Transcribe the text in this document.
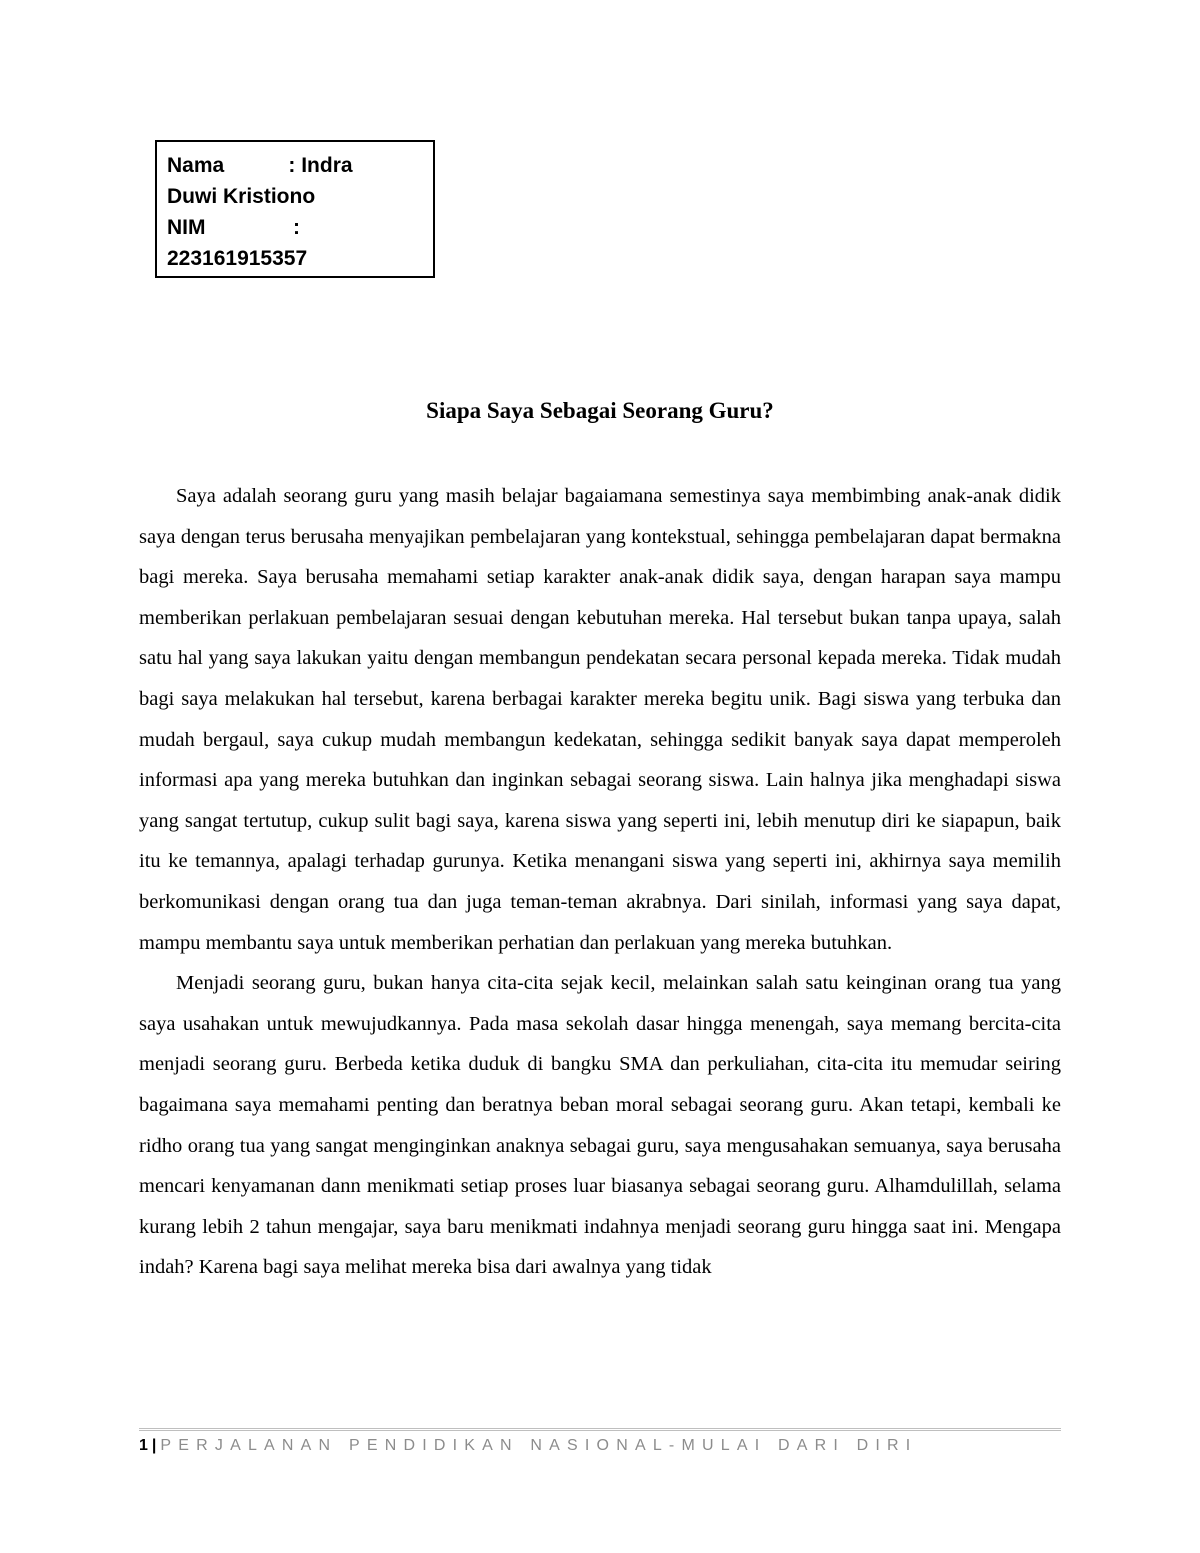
Nama           : Indra
Duwi Kristiono
NIM               :
223161915357
Siapa Saya Sebagai Seorang Guru?

Saya adalah seorang guru yang masih belajar bagaiamana semestinya saya membimbing anak-anak didik saya dengan terus berusaha menyajikan pembelajaran yang kontekstual, sehingga pembelajaran dapat bermakna bagi mereka. Saya berusaha memahami setiap karakter anak-anak didik saya, dengan harapan saya mampu memberikan perlakuan pembelajaran sesuai dengan kebutuhan mereka. Hal tersebut bukan tanpa upaya, salah satu hal yang saya lakukan yaitu dengan membangun pendekatan secara personal kepada mereka. Tidak mudah bagi saya melakukan hal tersebut, karena berbagai karakter mereka begitu unik. Bagi siswa yang terbuka dan mudah bergaul, saya cukup mudah membangun kedekatan, sehingga sedikit banyak saya dapat memperoleh informasi apa yang mereka butuhkan dan inginkan sebagai seorang siswa. Lain halnya jika menghadapi siswa yang sangat tertutup, cukup sulit bagi saya, karena siswa yang seperti ini, lebih menutup diri ke siapapun, baik itu ke temannya, apalagi terhadap gurunya. Ketika menangani siswa yang seperti ini, akhirnya saya memilih berkomunikasi dengan orang tua dan juga teman-teman akrabnya. Dari sinilah, informasi yang saya dapat, mampu membantu saya untuk memberikan perhatian dan perlakuan yang mereka butuhkan.

Menjadi seorang guru, bukan hanya cita-cita sejak kecil, melainkan salah satu keinginan orang tua yang saya usahakan untuk mewujudkannya. Pada masa sekolah dasar hingga menengah, saya memang bercita-cita menjadi seorang guru. Berbeda ketika duduk di bangku SMA dan perkuliahan, cita-cita itu memudar seiring bagaimana saya memahami penting dan beratnya beban moral sebagai seorang guru. Akan tetapi, kembali ke ridho orang tua yang sangat menginginkan anaknya sebagai guru, saya mengusahakan semuanya, saya berusaha mencari kenyamanan dann menikmati setiap proses luar biasanya sebagai seorang guru. Alhamdulillah, selama kurang lebih 2 tahun mengajar, saya baru menikmati indahnya menjadi seorang guru hingga saat ini. Mengapa indah? Karena bagi saya melihat mereka bisa dari awalnya yang tidak

1 | PERJALANAN PENDIDIKAN NASIONAL-MULAI DARI DIRI
